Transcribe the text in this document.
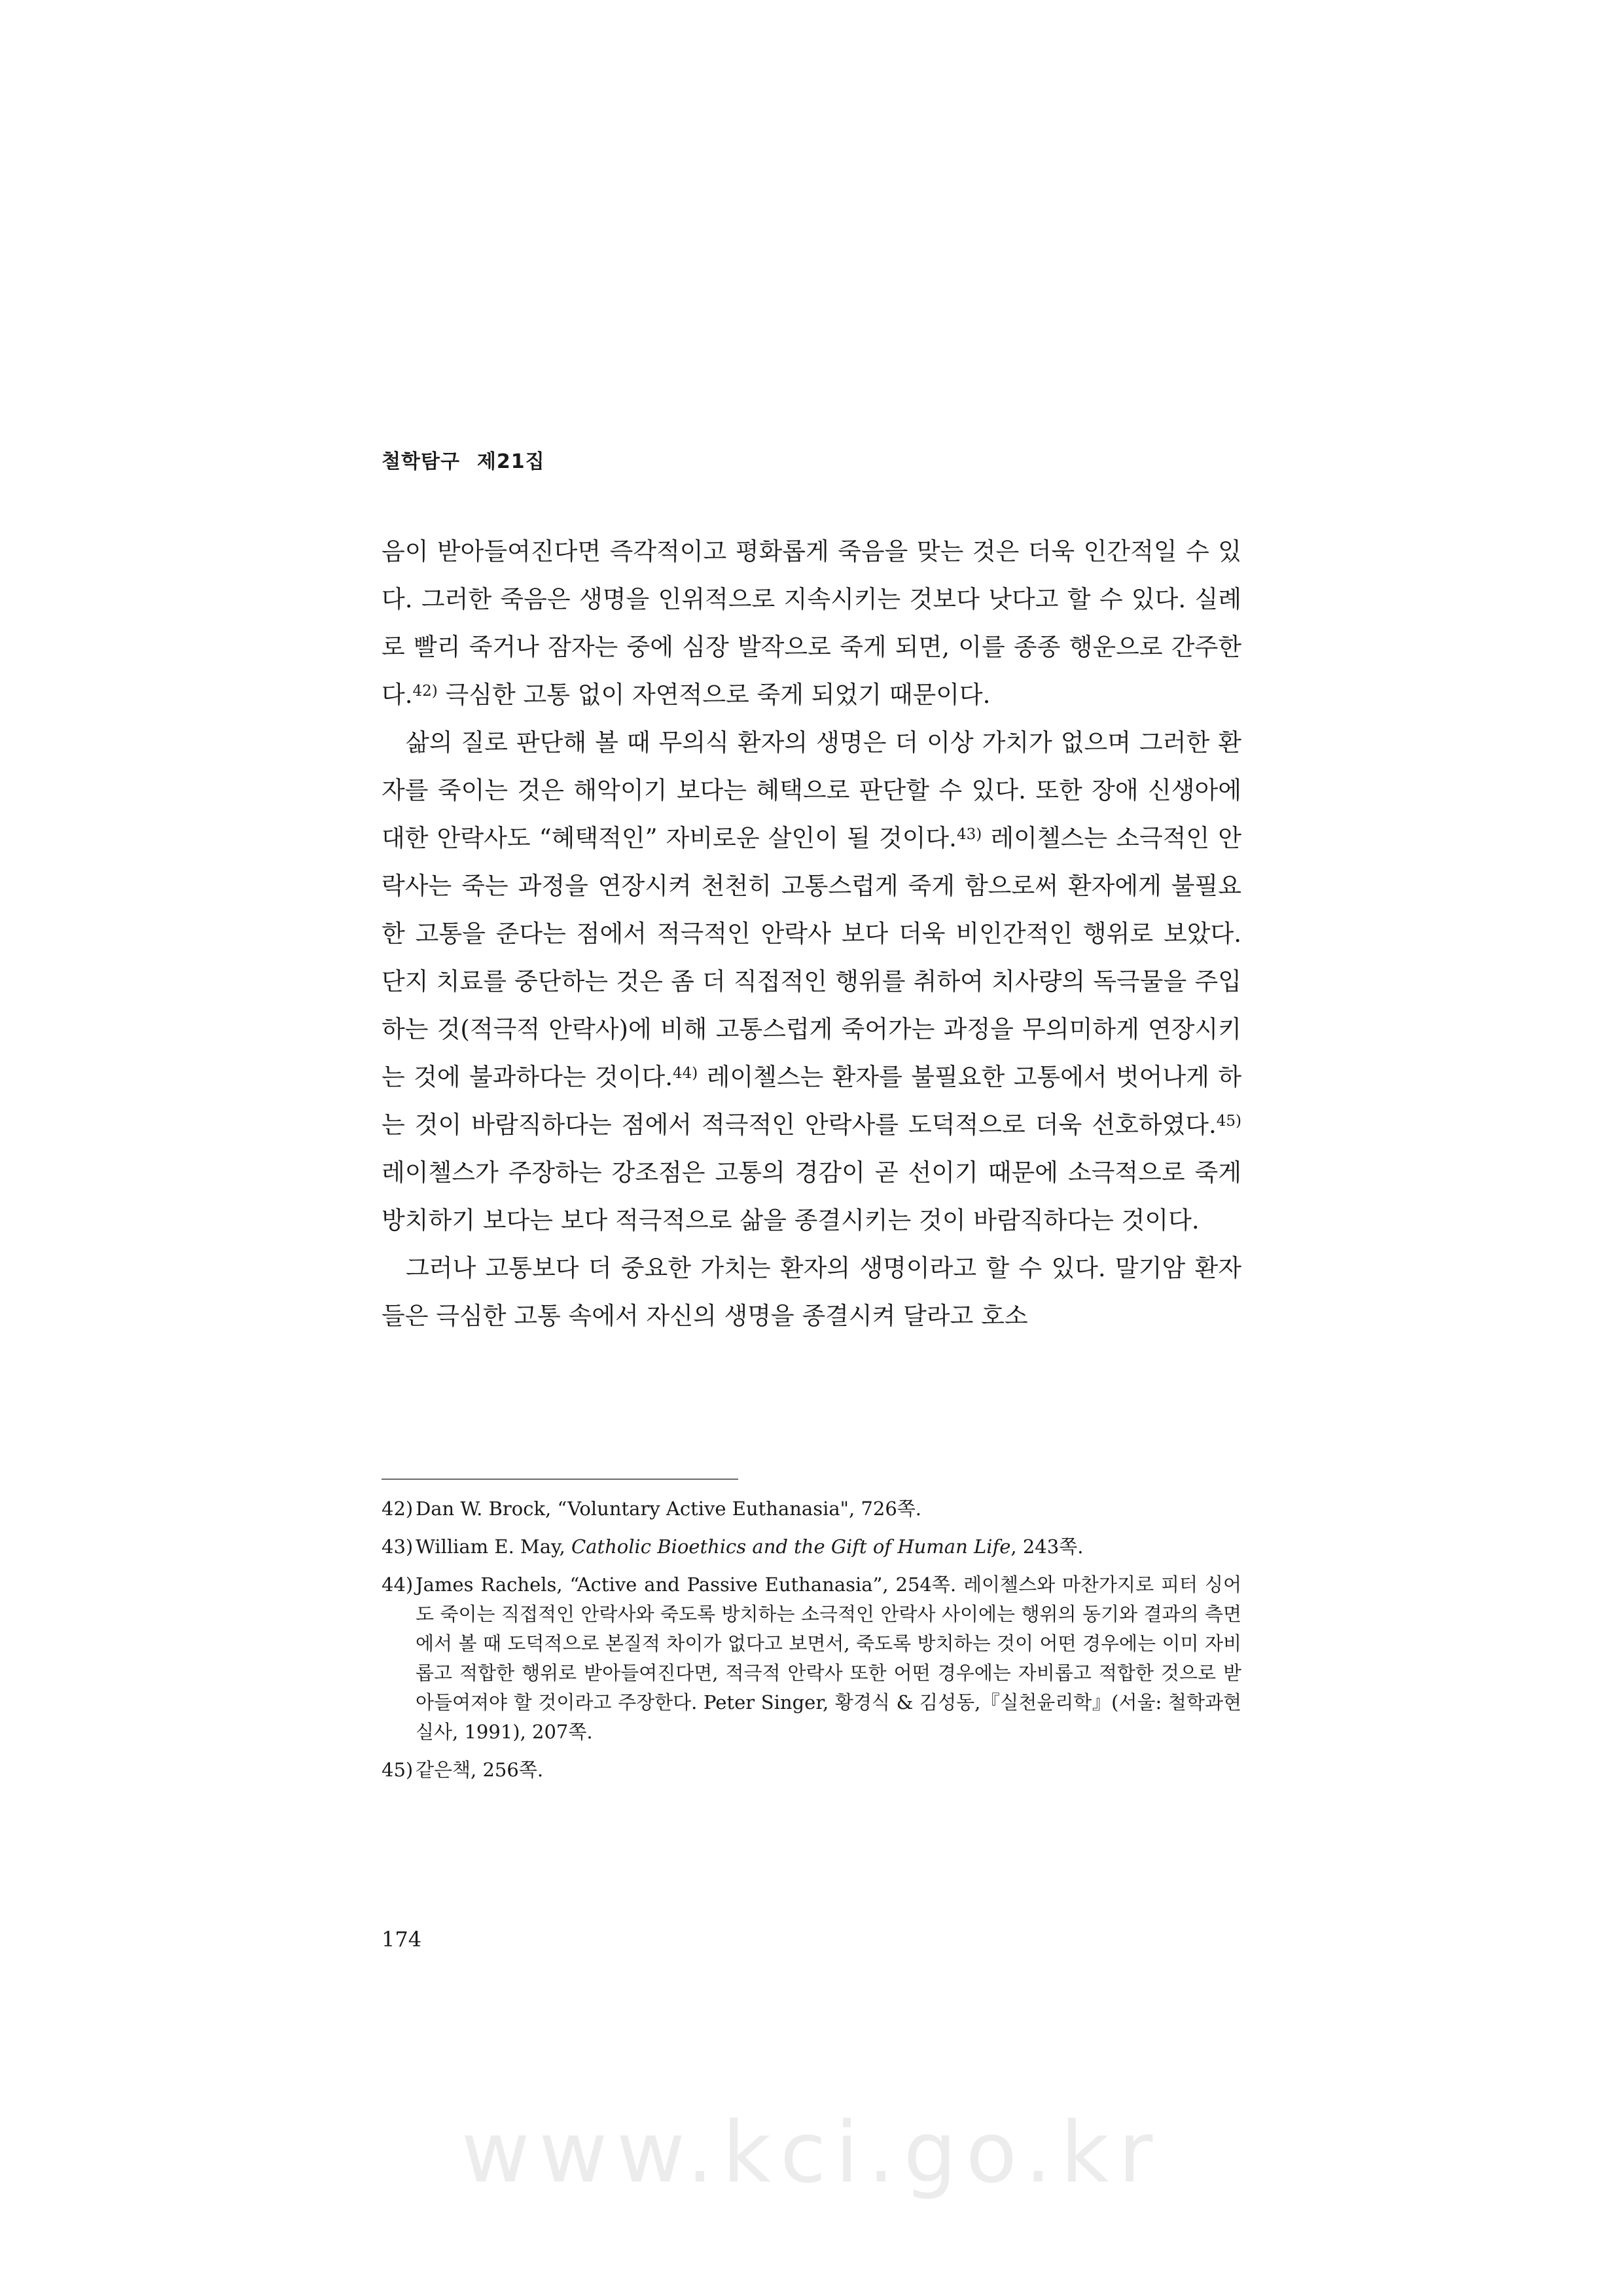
철학탐구 제21집

음이 받아들여진다면 즉각적이고 평화롭게 죽음을 맞는 것은 더욱 인간적일 수 있다. 그러한 죽음은 생명을 인위적으로 지속시키는 것보다 낫다고 할 수 있다. 실례로 빨리 죽거나 잠자는 중에 심장 발작으로 죽게 되면, 이를 종종 행운으로 간주한다.$^{42)}$ 극심한 고통 없이 자연적으로 죽게 되었기 때문이다.

삶의 질로 판단해 볼 때 무의식 환자의 생명은 더 이상 가치가 없으며 그러한 환자를 죽이는 것은 해악이기 보다는 혜택으로 판단할 수 있다. 또한 장애 신생아에 대한 안락사도 “혜택적인” 자비로운 살인이 될 것이다.$^{43)}$ 레이첼스는 소극적인 안락사는 죽는 과정을 연장시켜 천천히 고통스럽게 죽게 함으로써 환자에게 불필요한 고통을 준다는 점에서 적극적인 안락사 보다 더욱 비인간적인 행위로 보았다. 단지 치료를 중단하는 것은 좀 더 직접적인 행위를 취하여 치사량의 독극물을 주입하는 것(적극적 안락사)에 비해 고통스럽게 죽어가는 과정을 무의미하게 연장시키는 것에 불과하다는 것이다.$^{44)}$ 레이첼스는 환자를 불필요한 고통에서 벗어나게 하는 것이 바람직하다는 점에서 적극적인 안락사를 도덕적으로 더욱 선호하였다.$^{45)}$ 레이첼스가 주장하는 강조점은 고통의 경감이 곧 선이기 때문에 소극적으로 죽게 방치하기 보다는 보다 적극적으로 삶을 종결시키는 것이 바람직하다는 것이다.

그러나 고통보다 더 중요한 가치는 환자의 생명이라고 할 수 있다. 말기암 환자들은 극심한 고통 속에서 자신의 생명을 종결시켜 달라고 호소

42) Dan W. Brock, “Voluntary Active Euthanasia", 726쪽.
43) William E. May, Catholic Bioethics and the Gift of Human Life, 243쪽.
44) James Rachels, “Active and Passive Euthanasia”, 254쪽. 레이첼스와 마찬가지로 피터 싱어도 죽이는 직접적인 안락사와 죽도록 방치하는 소극적인 안락사 사이에는 행위의 동기와 결과의 측면에서 볼 때 도덕적으로 본질적 차이가 없다고 보면서, 죽도록 방치하는 것이 어떤 경우에는 이미 자비롭고 적합한 행위로 받아들여진다면, 적극적 안락사 또한 어떤 경우에는 자비롭고 적합한 것으로 받아들여져야 할 것이라고 주장한다. Peter Singer, 황경식 & 김성동,『실천윤리학』(서울: 철학과현실사, 1991), 207쪽.
45) 같은책, 256쪽.
174
www.kci.go.kr
